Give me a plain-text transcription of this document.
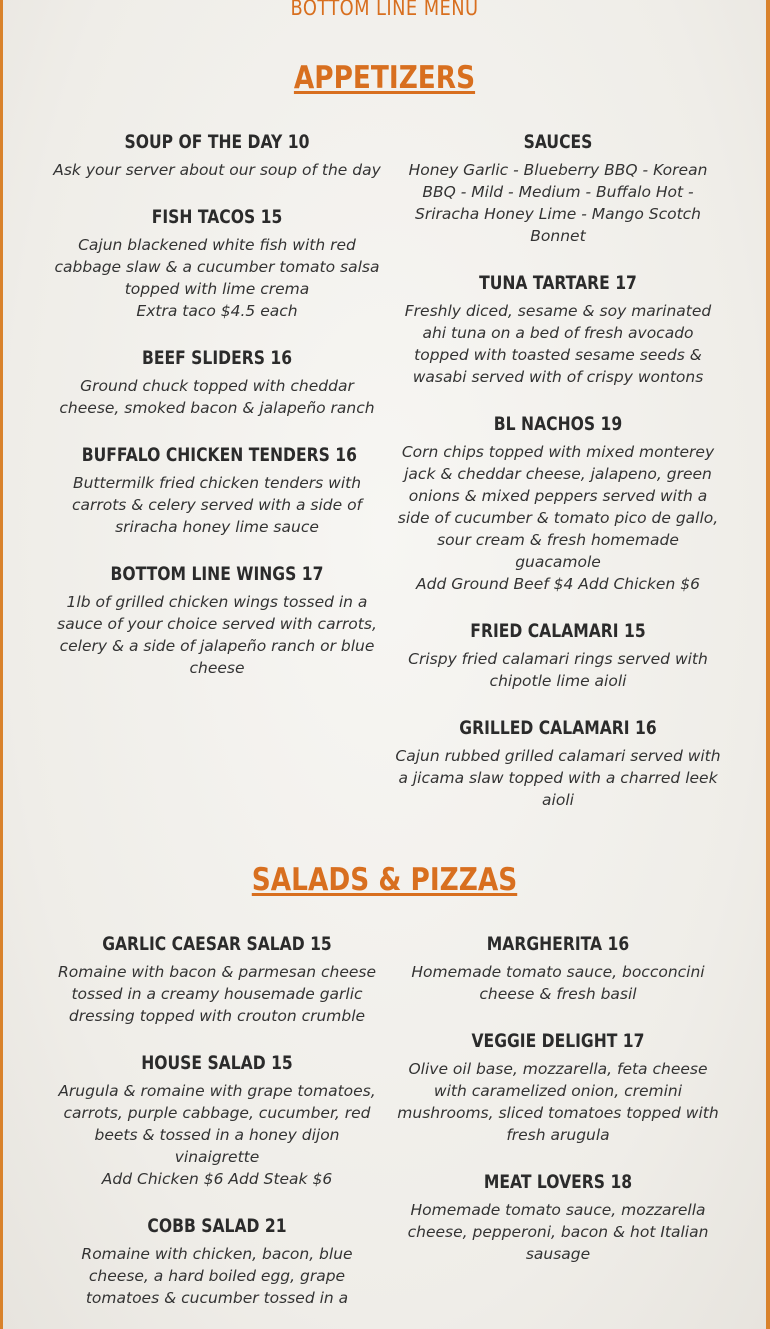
BOTTOM LINE MENU
APPETIZERS
SOUP OF THE DAY 10
Ask your server about our soup of the day
FISH TACOS 15
Cajun blackened white fish with red cabbage slaw & a cucumber tomato salsa topped with lime crema
Extra taco $4.5 each
BEEF SLIDERS 16
Ground chuck topped with cheddar cheese, smoked bacon & jalapeño ranch
BUFFALO CHICKEN TENDERS 16
Buttermilk fried chicken tenders with carrots & celery served with a side of sriracha honey lime sauce
BOTTOM LINE WINGS 17
1lb of grilled chicken wings tossed in a sauce of your choice served with carrots, celery & a side of jalapeño ranch or blue cheese
SAUCES
Honey Garlic - Blueberry BBQ - Korean BBQ - Mild - Medium - Buffalo Hot - Sriracha Honey Lime - Mango Scotch Bonnet
TUNA TARTARE 17
Freshly diced, sesame & soy marinated ahi tuna on a bed of fresh avocado topped with toasted sesame seeds & wasabi served with of crispy wontons
BL NACHOS 19
Corn chips topped with mixed monterey jack & cheddar cheese, jalapeno, green onions & mixed peppers served with a side of cucumber & tomato pico de gallo, sour cream & fresh homemade guacamole
Add Ground Beef $4 Add Chicken $6
FRIED CALAMARI 15
Crispy fried calamari rings served with chipotle lime aioli
GRILLED CALAMARI 16
Cajun rubbed grilled calamari served with a jicama slaw topped with a charred leek aioli
SALADS & PIZZAS
GARLIC CAESAR SALAD 15
Romaine with bacon & parmesan cheese tossed in a creamy housemade garlic dressing topped with crouton crumble
HOUSE SALAD 15
Arugula & romaine with grape tomatoes, carrots, purple cabbage, cucumber, red beets & tossed in a honey dijon vinaigrette
Add Chicken $6 Add Steak $6
COBB SALAD 21
Romaine with chicken, bacon, blue cheese, a hard boiled egg, grape tomatoes & cucumber tossed in a
MARGHERITA 16
Homemade tomato sauce, bocconcini cheese & fresh basil
VEGGIE DELIGHT 17
Olive oil base, mozzarella, feta cheese with caramelized onion, cremini mushrooms, sliced tomatoes topped with fresh arugula
MEAT LOVERS 18
Homemade tomato sauce, mozzarella cheese, pepperoni, bacon & hot Italian sausage
